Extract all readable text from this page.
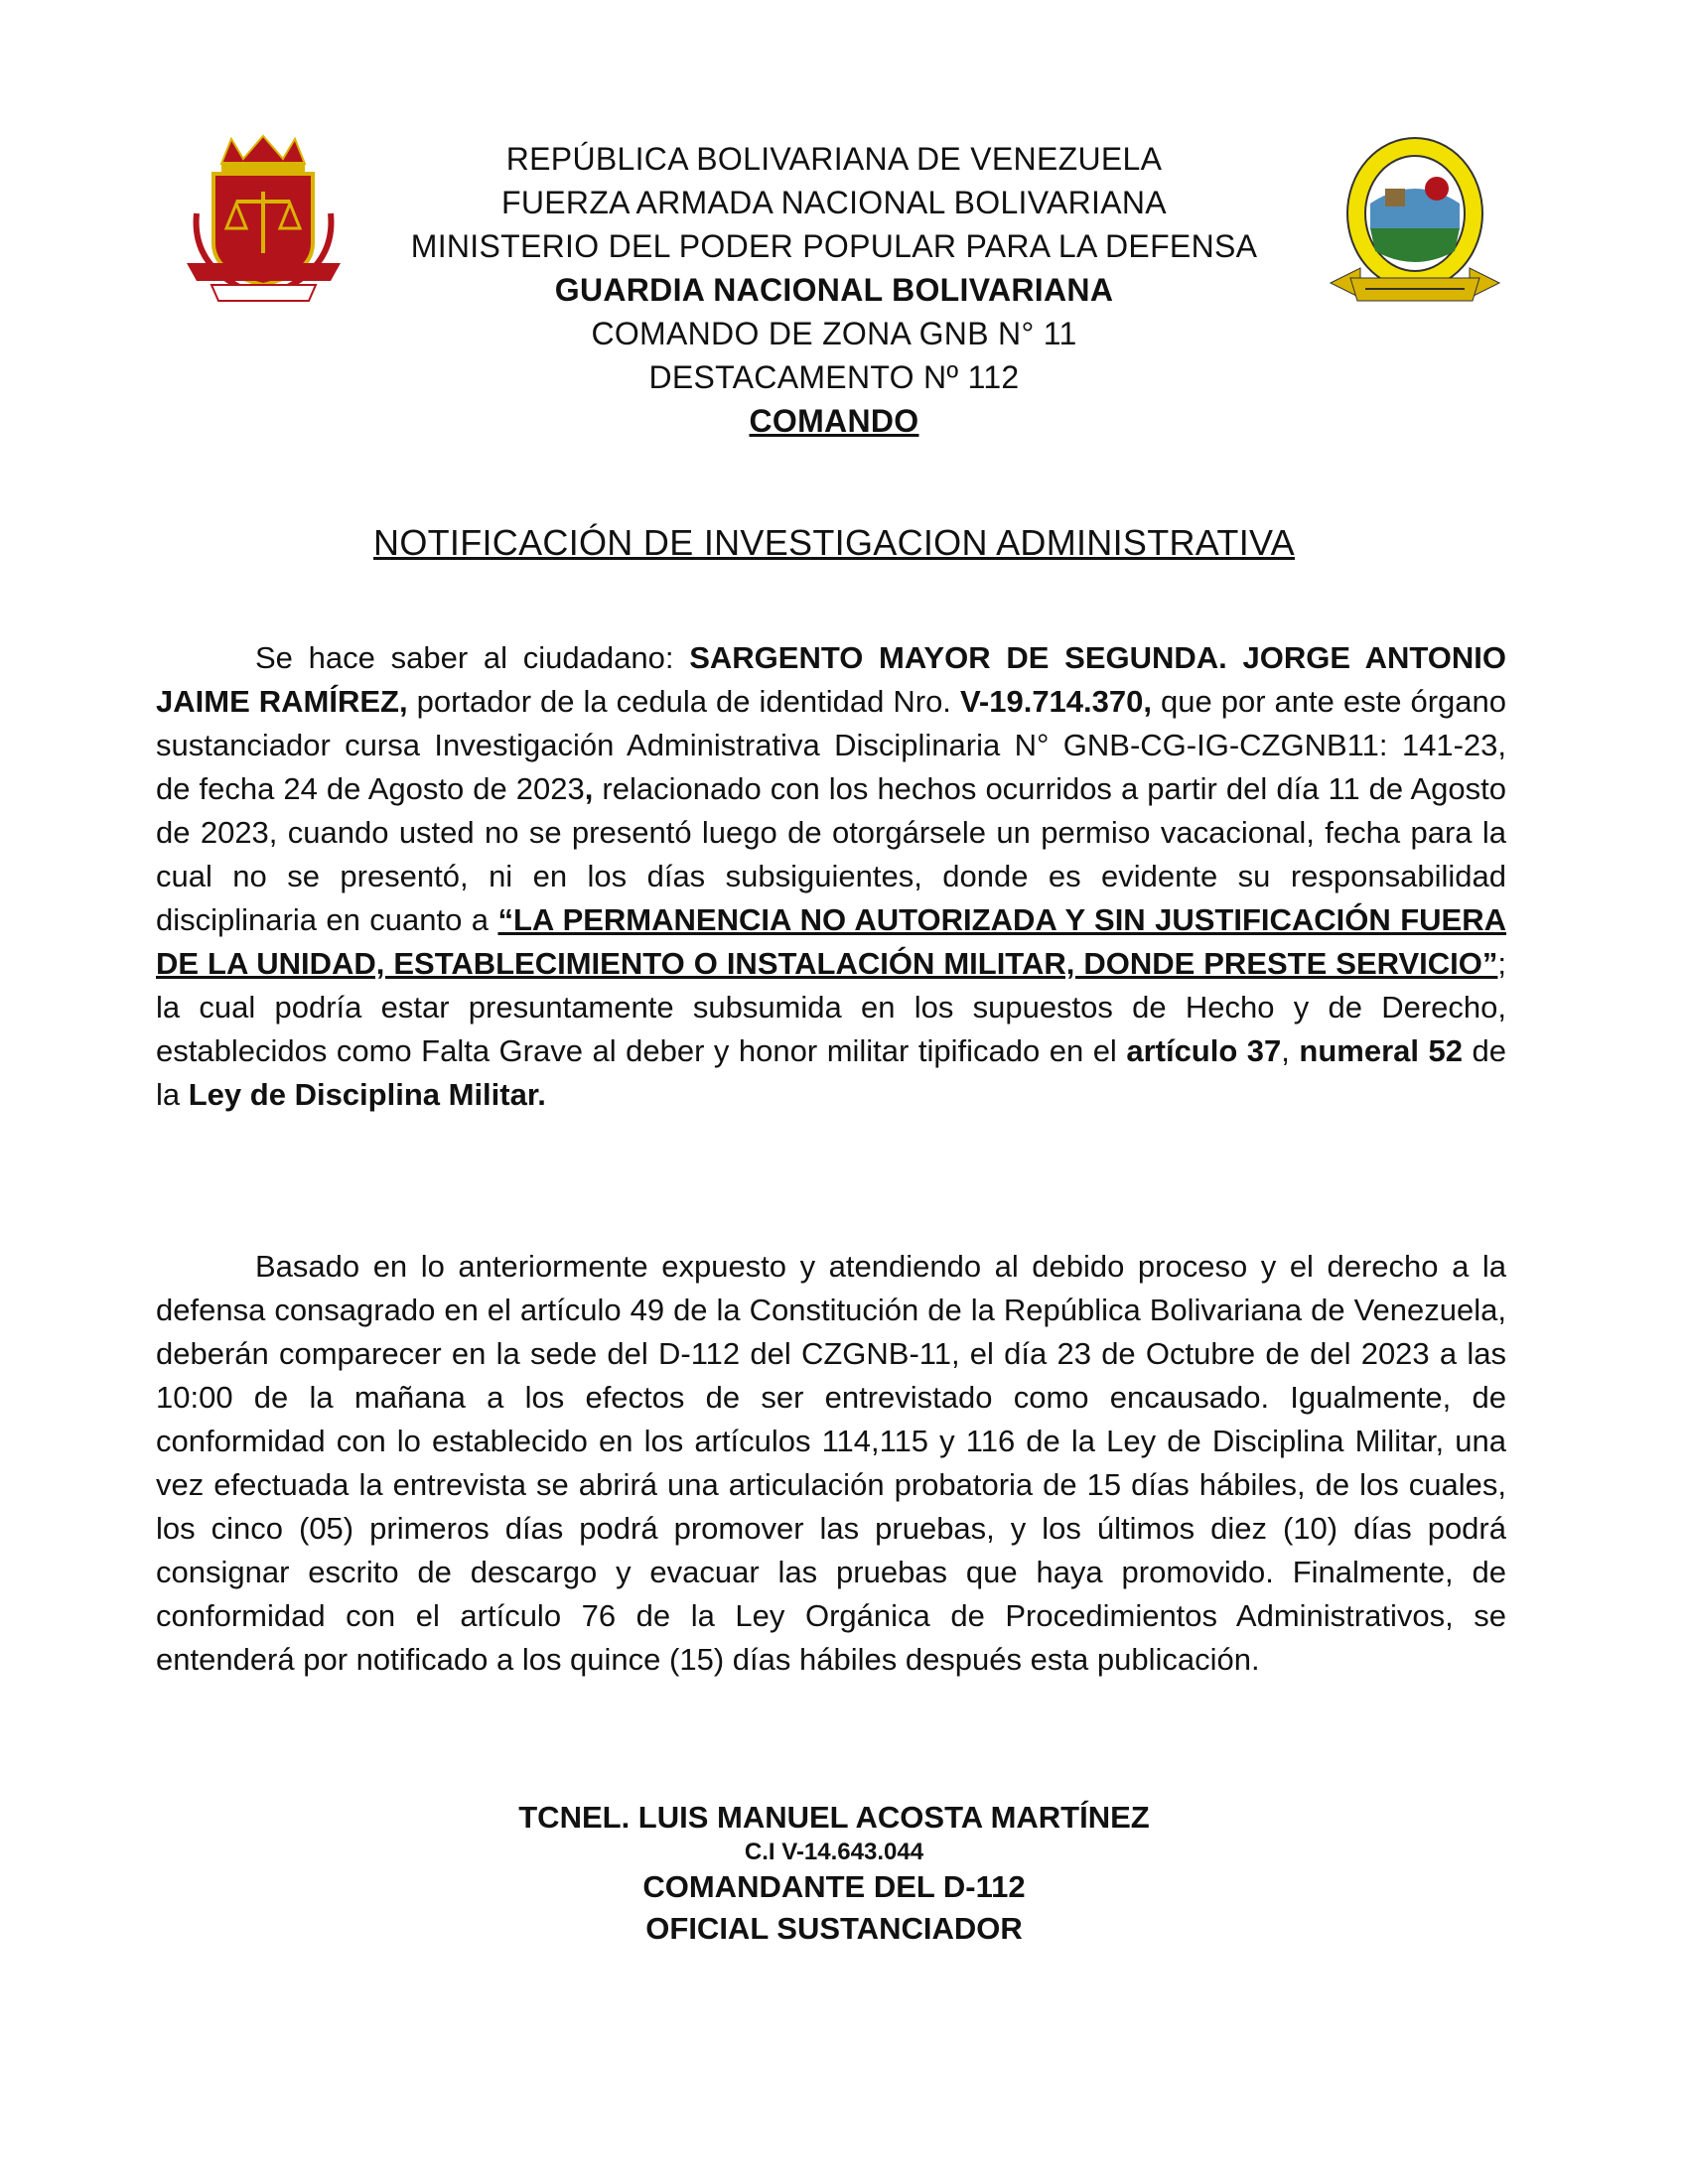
REPÚBLICA BOLIVARIANA DE VENEZUELA
FUERZA ARMADA NACIONAL BOLIVARIANA
MINISTERIO DEL PODER POPULAR PARA LA DEFENSA
GUARDIA NACIONAL BOLIVARIANA
COMANDO DE ZONA GNB N° 11
DESTACAMENTO Nº 112
COMANDO
NOTIFICACIÓN DE INVESTIGACION ADMINISTRATIVA

Se hace saber al ciudadano: SARGENTO MAYOR DE SEGUNDA. JORGE ANTONIO JAIME RAMÍREZ, portador de la cedula de identidad Nro. V-19.714.370, que por ante este órgano sustanciador cursa Investigación Administrativa Disciplinaria N° GNB-CG-IG-CZGNB11: 141-23, de fecha 24 de Agosto de 2023, relacionado con los hechos ocurridos a partir del día 11 de Agosto de 2023, cuando usted no se presentó luego de otorgársele un permiso vacacional, fecha para la cual no se presentó, ni en los días subsiguientes, donde es evidente su responsabilidad disciplinaria en cuanto a “LA PERMANENCIA NO AUTORIZADA Y SIN JUSTIFICACIÓN FUERA DE LA UNIDAD, ESTABLECIMIENTO O INSTALACIÓN MILITAR, DONDE PRESTE SERVICIO”; la cual podría estar presuntamente subsumida en los supuestos de Hecho y de Derecho, establecidos como Falta Grave al deber y honor militar tipificado en el artículo 37, numeral 52 de la Ley de Disciplina Militar.

Basado en lo anteriormente expuesto y atendiendo al debido proceso y el derecho a la defensa consagrado en el artículo 49 de la Constitución de la República Bolivariana de Venezuela, deberán comparecer en la sede del D-112 del CZGNB-11, el día 23 de Octubre de del 2023 a las 10:00 de la mañana a los efectos de ser entrevistado como encausado. Igualmente, de conformidad con lo establecido en los artículos 114,115 y 116 de la Ley de Disciplina Militar, una vez efectuada la entrevista se abrirá una articulación probatoria de 15 días hábiles, de los cuales, los cinco (05) primeros días podrá promover las pruebas, y los últimos diez (10) días podrá consignar escrito de descargo y evacuar las pruebas que haya promovido. Finalmente, de conformidad con el artículo 76 de la Ley Orgánica de Procedimientos Administrativos, se entenderá por notificado a los quince (15) días hábiles después esta publicación.

TCNEL. LUIS MANUEL ACOSTA MARTÍNEZ
C.I V-14.643.044
COMANDANTE DEL D-112
OFICIAL SUSTANCIADOR
